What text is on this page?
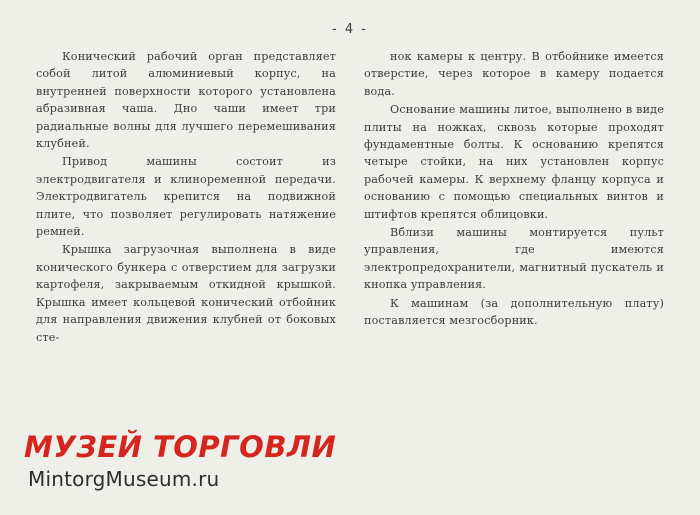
- 4 -

Конический рабочий орган представляет собой литой алюминиевый корпус, на внутренней поверхности которого установлена абразивная чаша. Дно чаши имеет три радиальные волны для лучшего перемешивания клубней.

Привод машины состоит из электродвигателя и клиноременной передачи. Электродвигатель крепится на подвижной плите, что позволяет регулировать натяжение ремней.

Крышка загрузочная выполнена в виде конического бункера с отверстием для загрузки картофеля, закрываемым откидной крышкой. Крышка имеет кольцевой конический отбойник для направления движения клубней от боковых сте-

нок камеры к центру. В отбойнике имеется отверстие, через которое в камеру подается вода.

Основание машины литое, выполнено в виде плиты на ножках, сквозь которые проходят фундаментные болты. К основанию крепятся четыре стойки, на них установлен корпус рабочей камеры. К верхнему фланцу корпуса и основанию с помощью специальных винтов и штифтов крепятся облицовки.

Вблизи машины монтируется пульт управления, где имеются электропредохранители, магнитный пускатель и кнопка управления.

К машинам (за дополнительную плату) поставляется мезгосборник.

МУЗЕЙ ТОРГОВЛИ
MintorgMuseum.ru
